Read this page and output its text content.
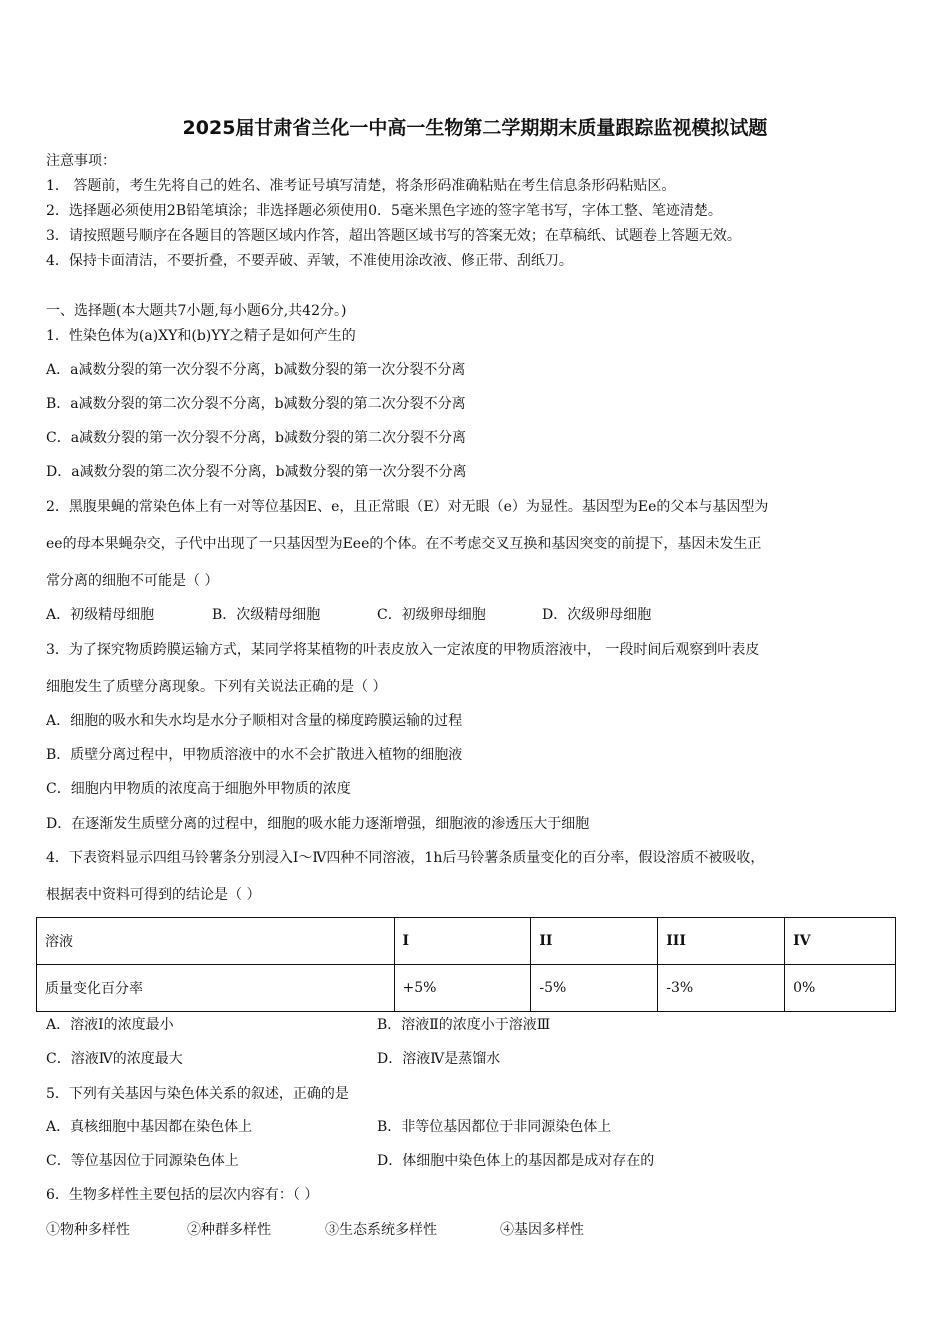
2025届甘肃省兰化一中高一生物第二学期期末质量跟踪监视模拟试题
注意事项：
1． 答题前，考生先将自己的姓名、准考证号填写清楚，将条形码准确粘贴在考生信息条形码粘贴区。
2．选择题必须使用2B铅笔填涂；非选择题必须使用0．5毫米黑色字迹的签字笔书写，字体工整、笔迹清楚。
3．请按照题号顺序在各题目的答题区域内作答，超出答题区域书写的答案无效；在草稿纸、试题卷上答题无效。
4．保持卡面清洁，不要折叠，不要弄破、弄皱，不准使用涂改液、修正带、刮纸刀。
一、选择题(本大题共7小题,每小题6分,共42分。)
1．性染色体为(a)XY和(b)YY之精子是如何产生的
A．a减数分裂的第一次分裂不分离，b减数分裂的第一次分裂不分离
B．a减数分裂的第二次分裂不分离，b减数分裂的第二次分裂不分离
C．a减数分裂的第一次分裂不分离，b减数分裂的第二次分裂不分离
D．a减数分裂的第二次分裂不分离，b减数分裂的第一次分裂不分离
2．黑腹果蝇的常染色体上有一对等位基因E、e，且正常眼（E）对无眼（e）为显性。基因型为Ee的父本与基因型为
ee的母本果蝇杂交，子代中出现了一只基因型为Eee的个体。在不考虑交叉互换和基因突变的前提下，基因未发生正
常分离的细胞不可能是（ ）
A．初级精母细胞	B．次级精母细胞	C．初级卵母细胞	D．次级卵母细胞
3．为了探究物质跨膜运输方式，某同学将某植物的叶表皮放入一定浓度的甲物质溶液中， 一段时间后观察到叶表皮
细胞发生了质壁分离现象。下列有关说法正确的是（ ）
A．细胞的吸水和失水均是水分子顺相对含量的梯度跨膜运输的过程
B．质壁分离过程中，甲物质溶液中的水不会扩散进入植物的细胞液
C．细胞内甲物质的浓度高于细胞外甲物质的浓度
D．在逐渐发生质壁分离的过程中，细胞的吸水能力逐渐增强，细胞液的渗透压大于细胞
4．下表资料显示四组马铃薯条分别浸入Ⅰ～Ⅳ四种不同溶液，1h后马铃薯条质量变化的百分率，假设溶质不被吸收，
根据表中资料可得到的结论是（ ）
溶液	I	II	III	IV
质量变化百分率	+5%	-5%	-3%	0%
A．溶液Ⅰ的浓度最小	B．溶液Ⅱ的浓度小于溶液Ⅲ
C．溶液Ⅳ的浓度最大	D．溶液Ⅳ是蒸馏水
5．下列有关基因与染色体关系的叙述，正确的是
A．真核细胞中基因都在染色体上	B．非等位基因都位于非同源染色体上
C．等位基因位于同源染色体上	D．体细胞中染色体上的基因都是成对存在的
6．生物多样性主要包括的层次内容有：（ ）
①物种多样性	②种群多样性	③生态系统多样性	④基因多样性
